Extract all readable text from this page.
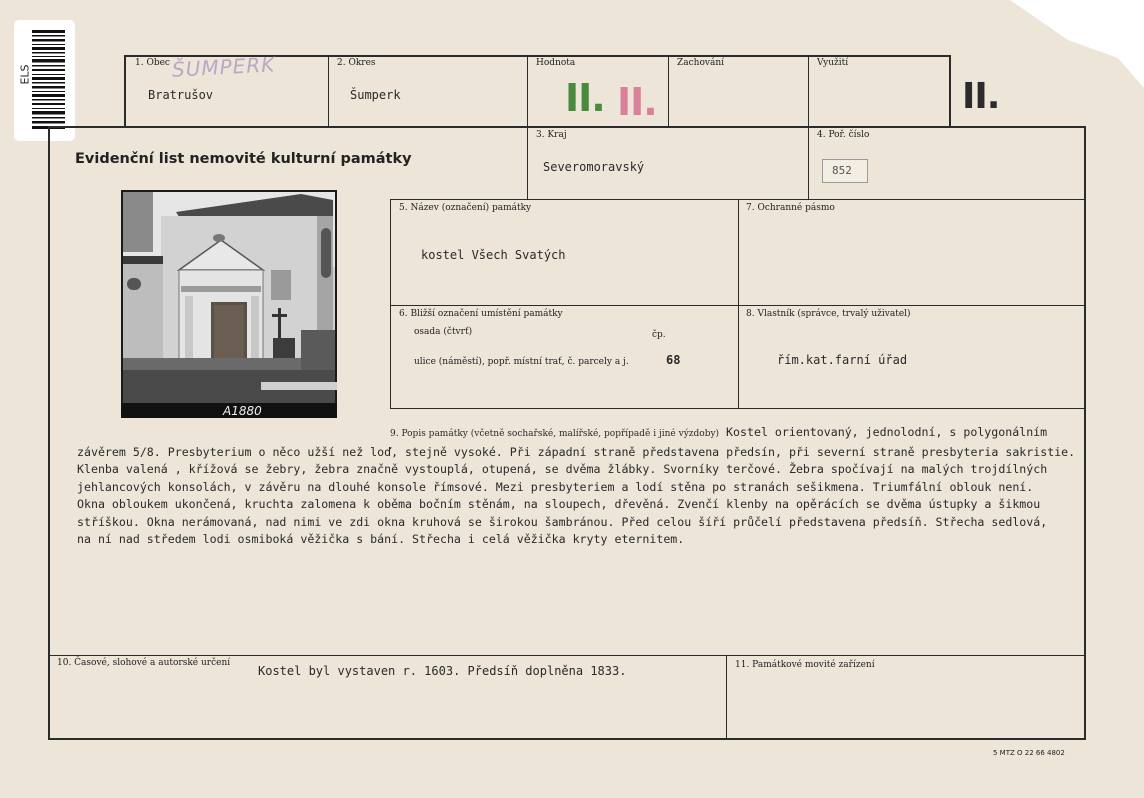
ELS
1. Obec ŠUMPERK
Bratrušov
2. Okres
Šumperk
Hodnota
II. II.
Zachování	Využití
II.
Evidenční list nemovité kulturní památky
3. Kraj
Severomoravský
4. Poř. číslo
852
A1880
5. Název (označení) památky
kostel Všech Svatých
7. Ochranné pásmo
6. Bližší označení umístění památky
osada (čtvrť)	čp.
ulice (náměstí), popř. místní trať, č. parcely a j.	68
8. Vlastník (správce, trvalý uživatel)
řím.kat.farní úřad
9. Popis památky (včetně sochařské, malířské, popřípadě i jiné výzdoby) Kostel orientovaný, jednolodní, s polygonálním
závěrem 5/8. Presbyterium o něco užší než loď, stejně vysoké. Při západní straně představena předsín, při severní straně presbyteria sakristie.
Klenba valená , křížová se žebry, žebra značně vystouplá, otupená, se dvěma žlábky. Svorníky terčové. Žebra spočívají na malých trojdílných
jehlancových konsolách, v závěru na dlouhé konsole římsové. Mezi presbyteriem a lodí stěna po stranách sešikmena. Triumfální oblouk není.
Okna obloukem ukončená, kruchta zalomena k oběma bočním stěnám, na sloupech, dřevěná. Zvenčí klenby na opěrácích se dvěma ústupky a šikmou
stříškou. Okna nerámovaná, nad nimi ve zdi okna kruhová se širokou šambránou. Před celou šíří průčelí představena předsíň. Střecha sedlová,
na ní nad středem lodi osmiboká věžička s bání. Střecha i celá věžička kryty eternitem.
10. Časové, slohové a autorské určení
Kostel byl vystaven r. 1603. Předsíň doplněna 1833.	11. Památkové movité zařízení
5 MTZ O 22 66 4802
